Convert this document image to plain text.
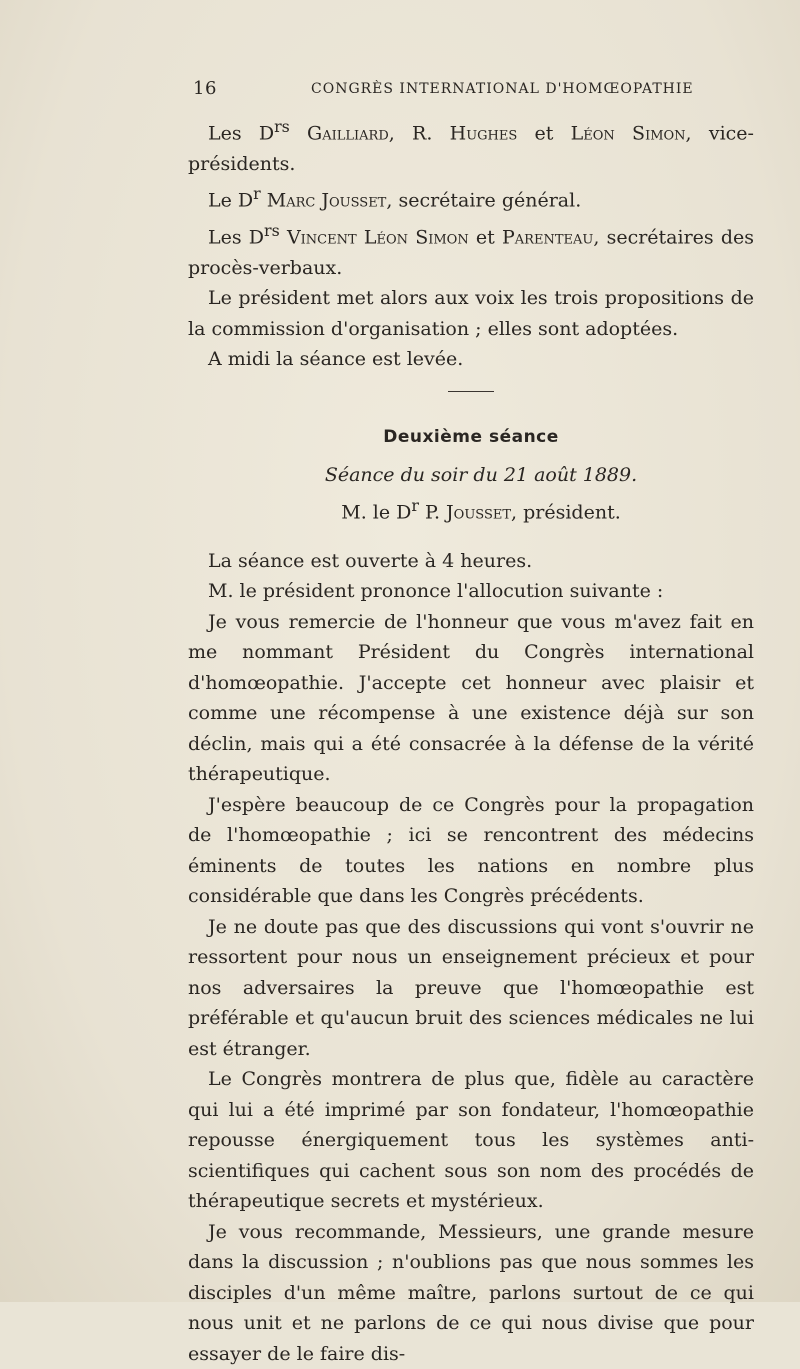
16	CONGRÈS INTERNATIONAL D'HOMŒOPATHIE

Les $D^{rs}$ Gailliard, R. Hughes et Léon Simon, vice-présidents.

Le $D^r$ Marc Jousset, secrétaire général.

Les $D^{rs}$ Vincent Léon Simon et Parenteau, secrétaires des procès-verbaux.

Le président met alors aux voix les trois propositions de la commission d'organisation ; elles sont adoptées.

A midi la séance est levée.

Deuxième séance

Séance du soir du 21 août 1889.

M. le $D^r$ P. Jousset, président.

La séance est ouverte à 4 heures.

M. le président prononce l'allocution suivante :

Je vous remercie de l'honneur que vous m'avez fait en me nommant Président du Congrès international d'homœopathie. J'accepte cet honneur avec plaisir et comme une récompense à une existence déjà sur son déclin, mais qui a été consacrée à la défense de la vérité thérapeutique.

J'espère beaucoup de ce Congrès pour la propagation de l'homœopathie ; ici se rencontrent des médecins éminents de toutes les nations en nombre plus considérable que dans les Congrès précédents.

Je ne doute pas que des discussions qui vont s'ouvrir ne ressortent pour nous un enseignement précieux et pour nos adversaires la preuve que l'homœopathie est préférable et qu'aucun bruit des sciences médicales ne lui est étranger.

Le Congrès montrera de plus que, fidèle au caractère qui lui a été imprimé par son fondateur, l'homœopathie repousse énergiquement tous les systèmes anti-scientifiques qui cachent sous son nom des procédés de thérapeutique secrets et mystérieux.

Je vous recommande, Messieurs, une grande mesure dans la discussion ; n'oublions pas que nous sommes les disciples d'un même maître, parlons surtout de ce qui nous unit et ne parlons de ce qui nous divise que pour essayer de le faire dis-
